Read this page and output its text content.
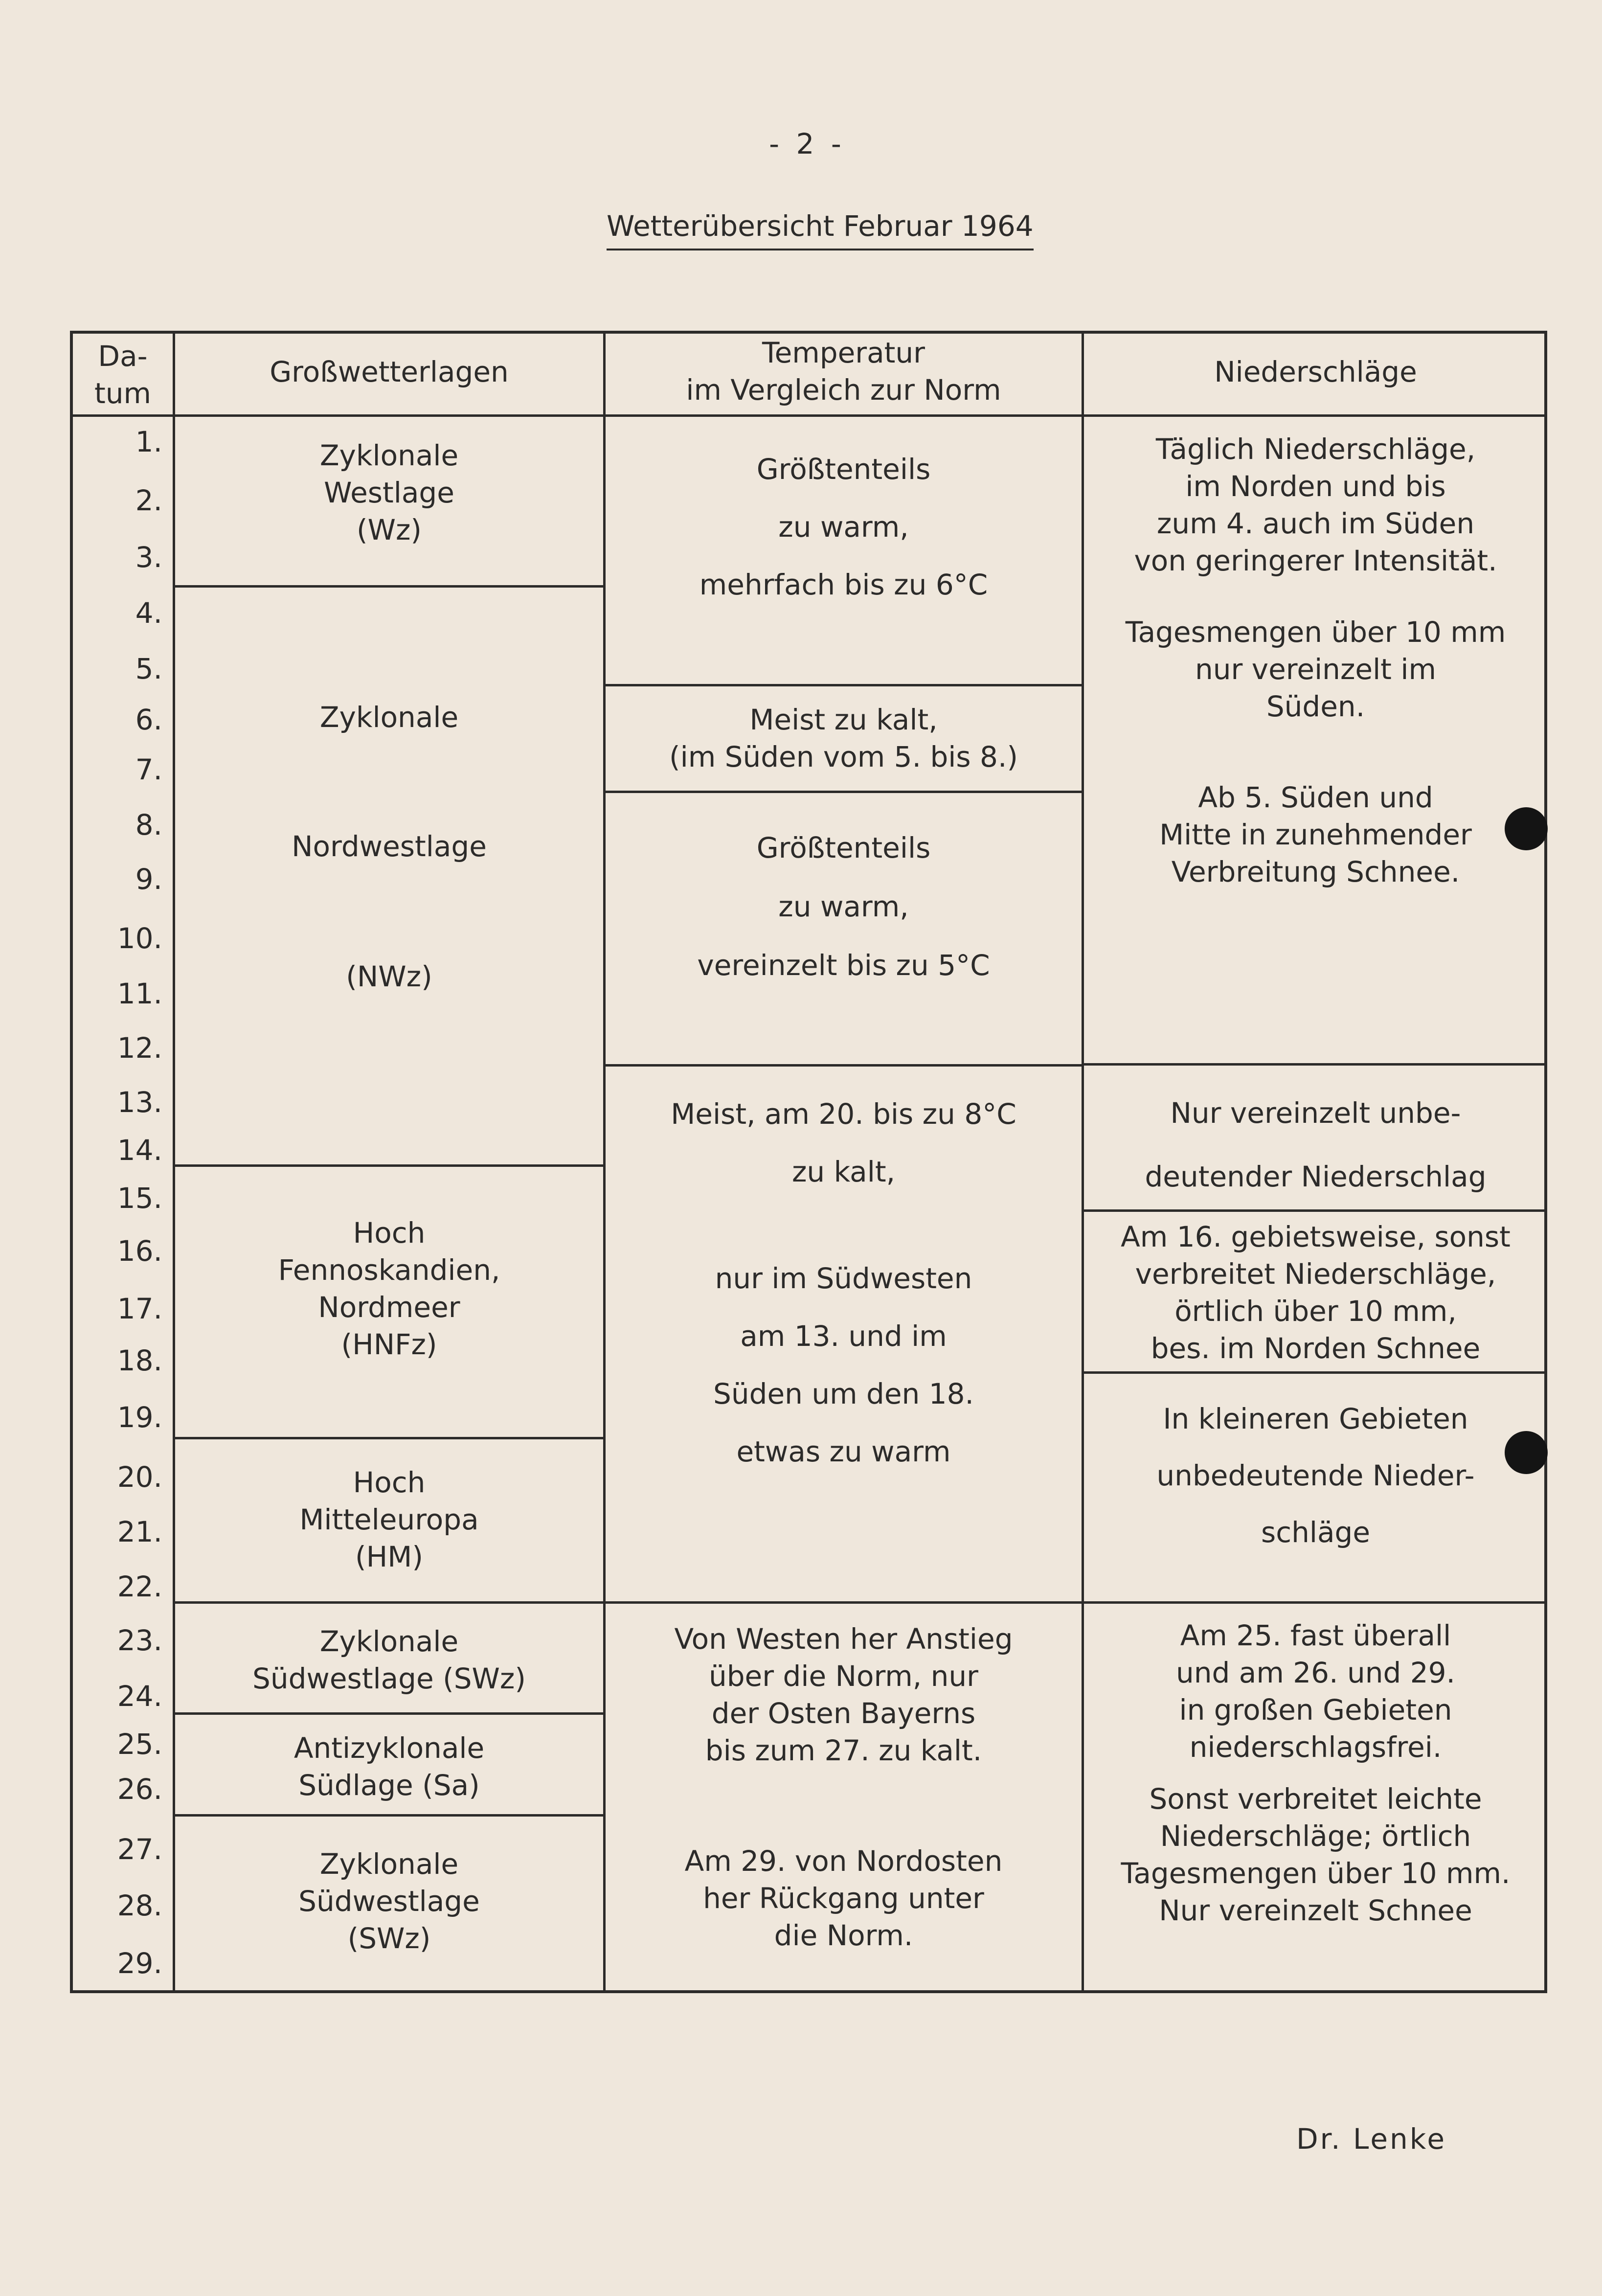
- 2 -
Wetterübersicht Februar 1964
Da-
tum
Großwetterlagen
Temperatur
im Vergleich zur Norm
Niederschläge
1.
2.
3.
4.
5.
6.
7.
8.
9.
10.
11.
12.
13.
14.
15.
16.
17.
18.
19.
20.
21.
22.
23.
24.
25.
26.
27.
28.
29.
Zyklonale
Westlage
(Wz)
Zyklonale
Nordwestlage
(NWz)
Hoch
Fennoskandien,
Nordmeer
(HNFz)
Hoch
Mitteleuropa
(HM)
Zyklonale
Südwestlage (SWz)
Antizyklonale
Südlage (Sa)
Zyklonale
Südwestlage
(SWz)
Größtenteils
zu warm,
mehrfach bis zu 6°C
Meist zu kalt,
(im Süden vom 5. bis 8.)
Größtenteils
zu warm,
vereinzelt bis zu 5°C
Meist, am 20. bis zu 8°C
zu kalt,
nur im Südwesten
am 13. und im
Süden um den 18.
etwas zu warm
Von Westen her Anstieg
über die Norm, nur
der Osten Bayerns
bis zum 27. zu kalt.
Am 29. von Nordosten
her Rückgang unter
die Norm.
Täglich Niederschläge,
im Norden und bis
zum 4. auch im Süden
von geringerer Intensität.
Tagesmengen über 10 mm
nur vereinzelt im
Süden.
Ab 5. Süden und
Mitte in zunehmender
Verbreitung Schnee.
Nur vereinzelt unbe-
deutender Niederschlag
Am 16. gebietsweise, sonst
verbreitet Niederschläge,
örtlich über 10 mm,
bes. im Norden Schnee
In kleineren Gebieten
unbedeutende Nieder-
schläge
Am 25. fast überall
und am 26. und 29.
in großen Gebieten
niederschlagsfrei.
Sonst verbreitet leichte
Niederschläge; örtlich
Tagesmengen über 10 mm.
Nur vereinzelt Schnee
Dr. Lenke
